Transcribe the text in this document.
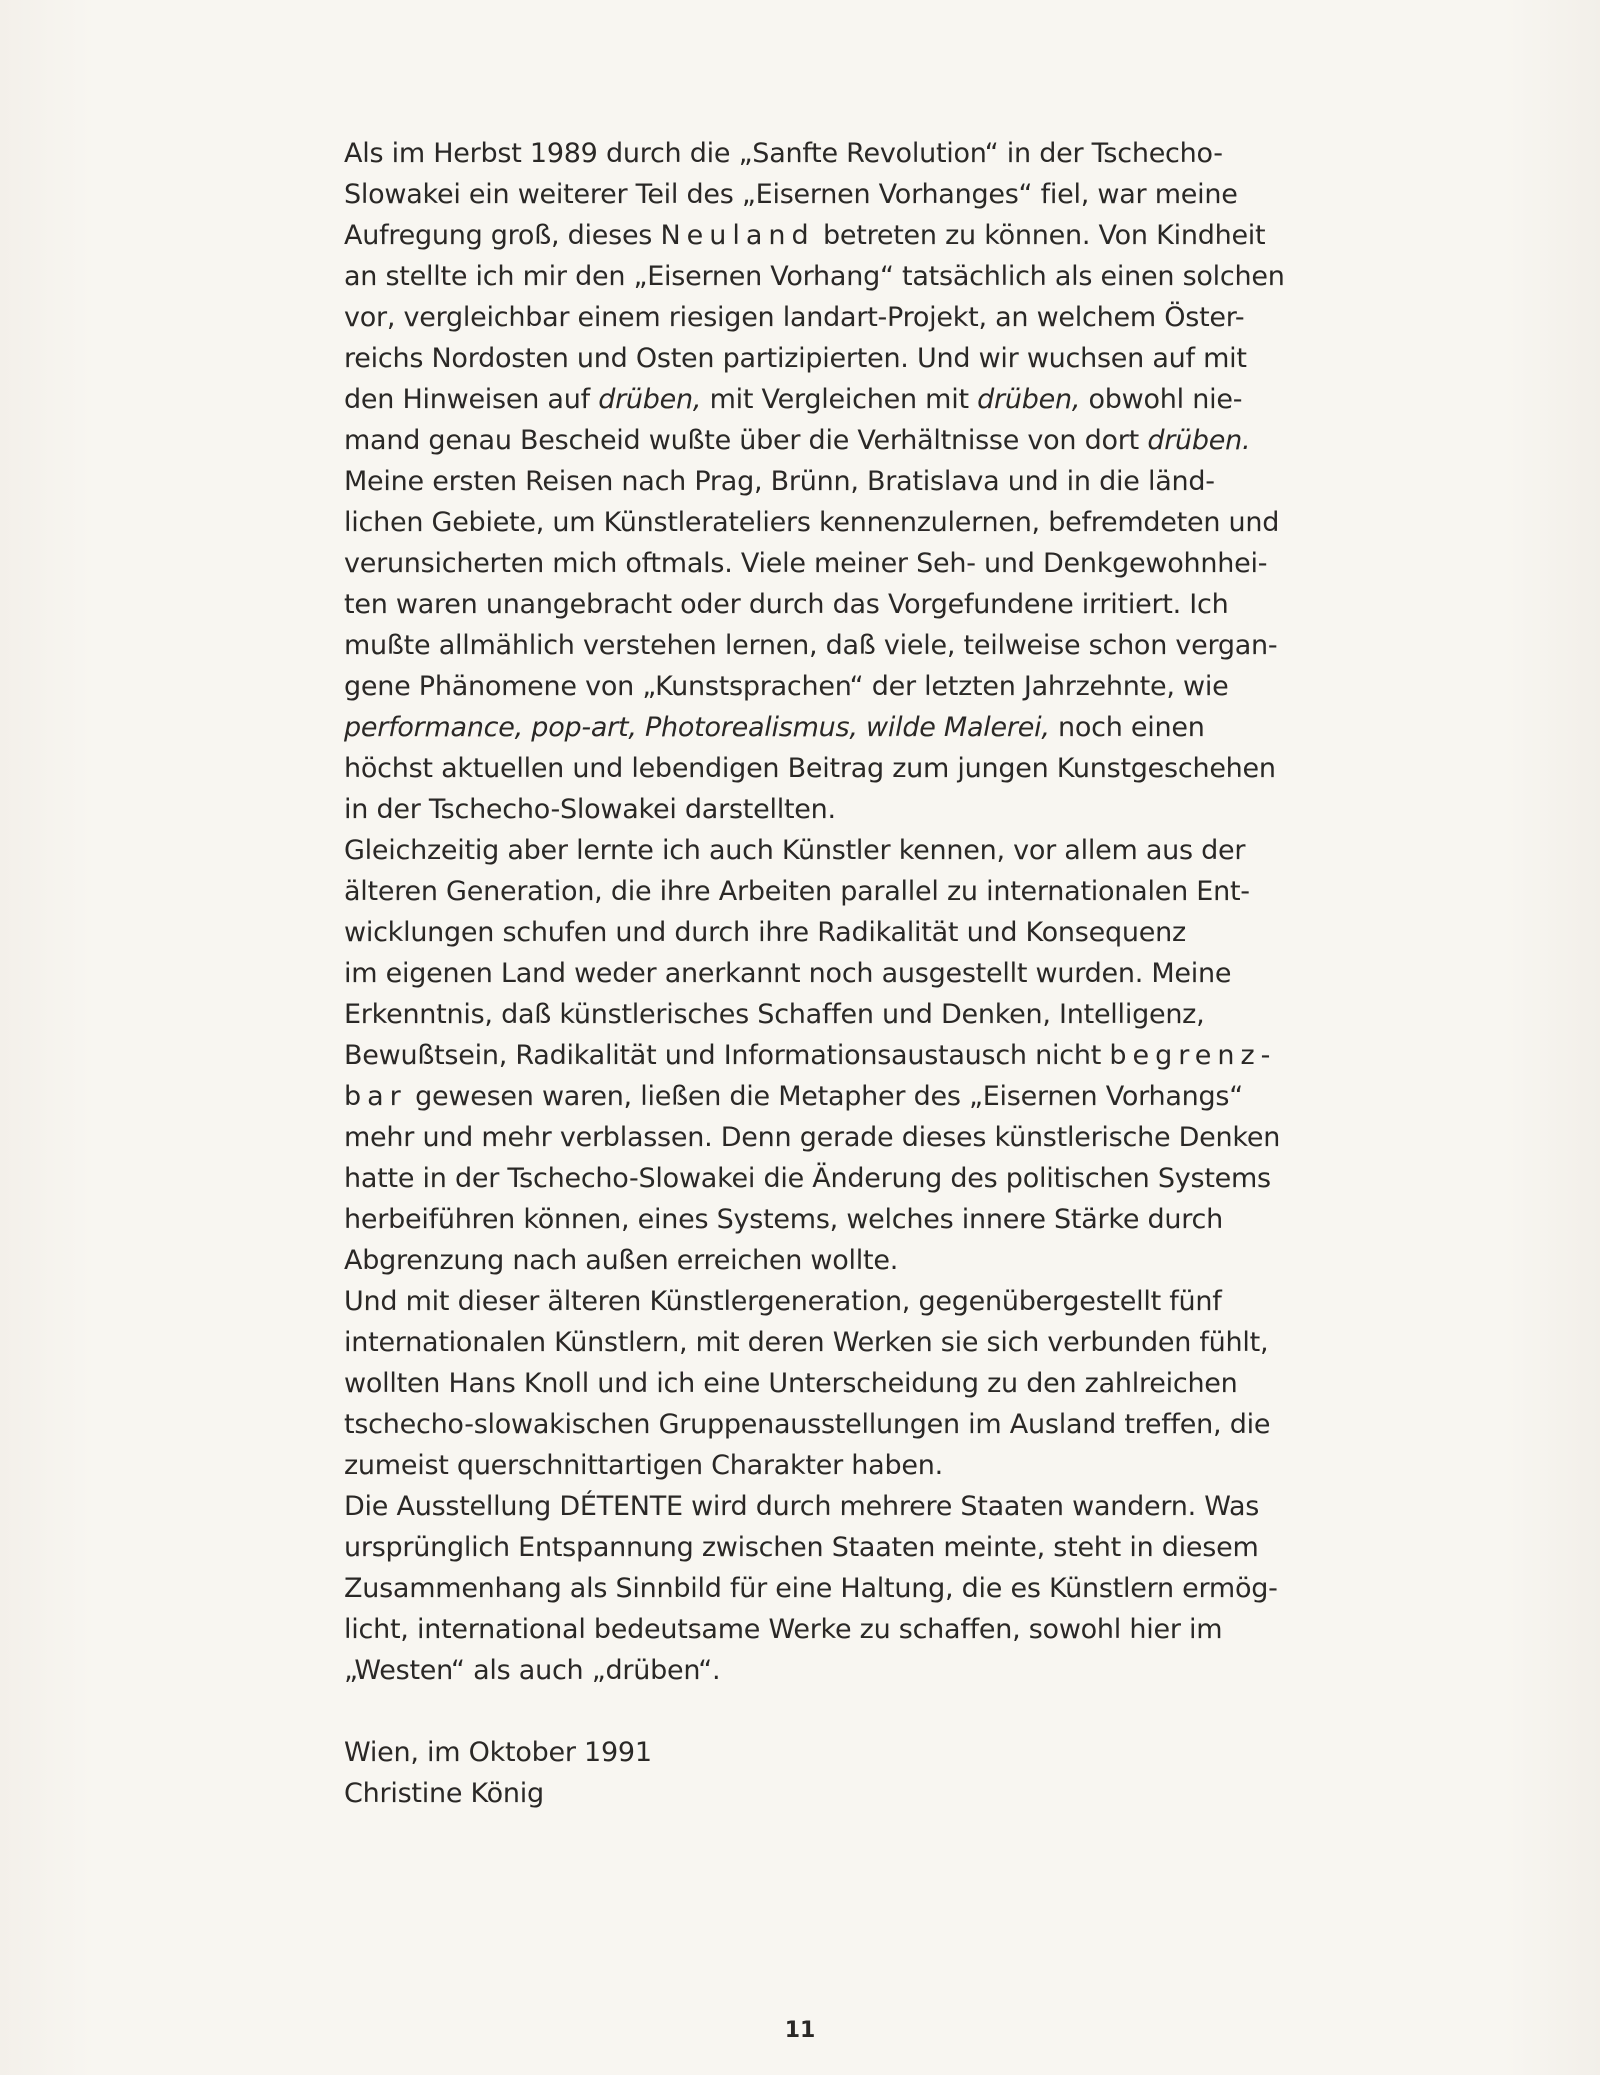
Als im Herbst 1989 durch die „Sanfte Revolution“ in der Tschecho-
Slowakei ein weiterer Teil des „Eisernen Vorhanges“ fiel, war meine
Aufregung groß, dieses Neuland betreten zu können. Von Kindheit
an stellte ich mir den „Eisernen Vorhang“ tatsächlich als einen solchen
vor, vergleichbar einem riesigen landart-Projekt, an welchem Öster-
reichs Nordosten und Osten partizipierten. Und wir wuchsen auf mit
den Hinweisen auf drüben, mit Vergleichen mit drüben, obwohl nie-
mand genau Bescheid wußte über die Verhältnisse von dort drüben.
Meine ersten Reisen nach Prag, Brünn, Bratislava und in die länd-
lichen Gebiete, um Künstlerateliers kennenzulernen, befremdeten und
verunsicherten mich oftmals. Viele meiner Seh- und Denkgewohnhei-
ten waren unangebracht oder durch das Vorgefundene irritiert. Ich
mußte allmählich verstehen lernen, daß viele, teilweise schon vergan-
gene Phänomene von „Kunstsprachen“ der letzten Jahrzehnte, wie
performance, pop-art, Photorealismus, wilde Malerei, noch einen
höchst aktuellen und lebendigen Beitrag zum jungen Kunstgeschehen
in der Tschecho-Slowakei darstellten.
Gleichzeitig aber lernte ich auch Künstler kennen, vor allem aus der
älteren Generation, die ihre Arbeiten parallel zu internationalen Ent-
wicklungen schufen und durch ihre Radikalität und Konsequenz
im eigenen Land weder anerkannt noch ausgestellt wurden. Meine
Erkenntnis, daß künstlerisches Schaffen und Denken, Intelligenz,
Bewußtsein, Radikalität und Informationsaustausch nicht begrenz-
bar gewesen waren, ließen die Metapher des „Eisernen Vorhangs“
mehr und mehr verblassen. Denn gerade dieses künstlerische Denken
hatte in der Tschecho-Slowakei die Änderung des politischen Systems
herbeiführen können, eines Systems, welches innere Stärke durch
Abgrenzung nach außen erreichen wollte.
Und mit dieser älteren Künstlergeneration, gegenübergestellt fünf
internationalen Künstlern, mit deren Werken sie sich verbunden fühlt,
wollten Hans Knoll und ich eine Unterscheidung zu den zahlreichen
tschecho-slowakischen Gruppenausstellungen im Ausland treffen, die
zumeist querschnittartigen Charakter haben.
Die Ausstellung DÉTENTE wird durch mehrere Staaten wandern. Was
ursprünglich Entspannung zwischen Staaten meinte, steht in diesem
Zusammenhang als Sinnbild für eine Haltung, die es Künstlern ermög-
licht, international bedeutsame Werke zu schaffen, sowohl hier im
„Westen“ als auch „drüben“.
Wien, im Oktober 1991
Christine König
11
